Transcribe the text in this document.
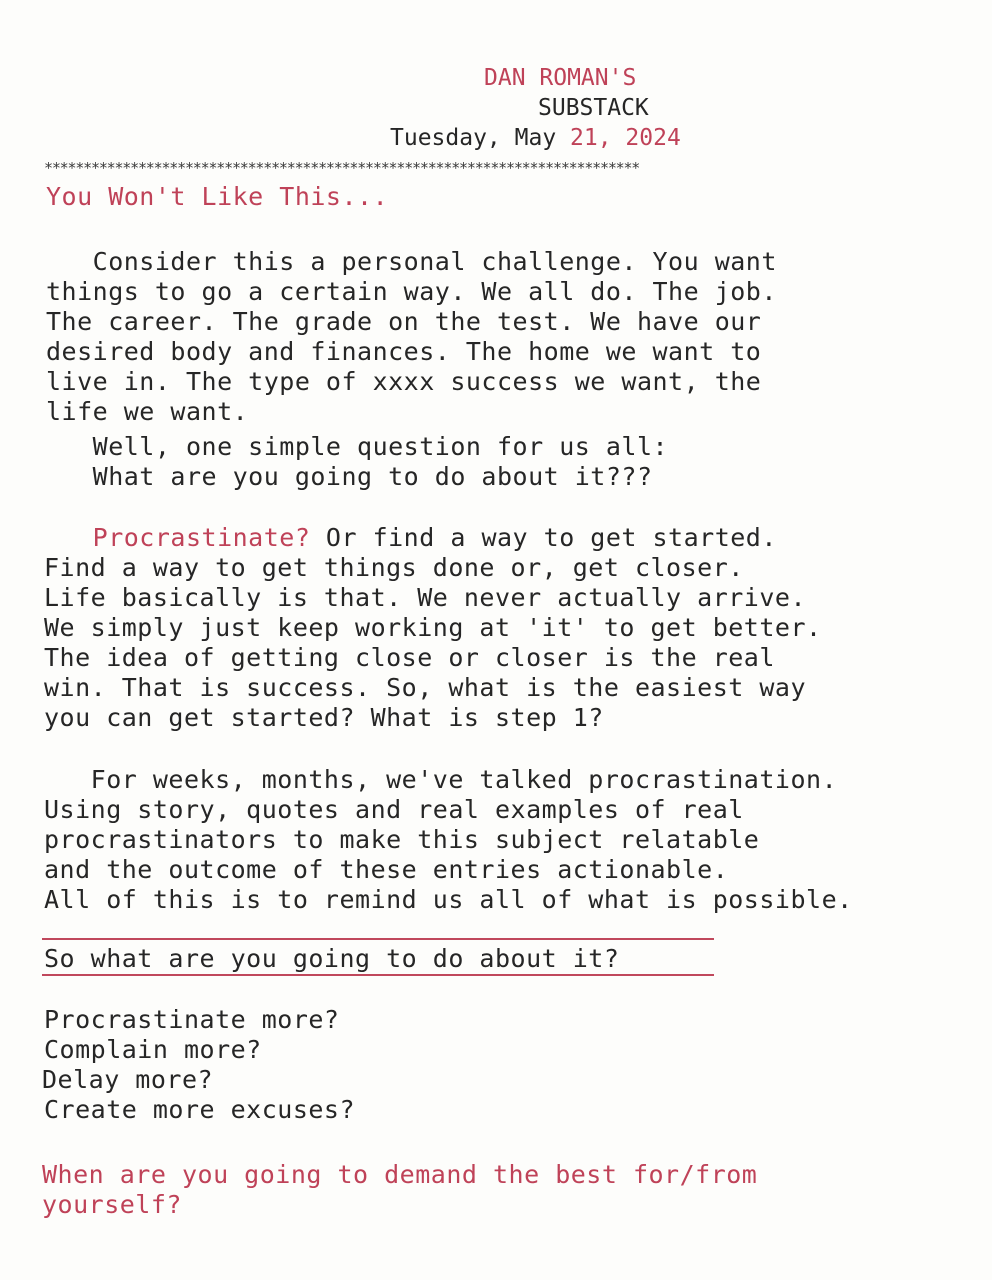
DAN ROMAN'S
SUBSTACK
Tuesday, May 21, 2024
****************************************************************************
You Won't Like This...
Consider this a personal challenge. You want
things to go a certain way. We all do. The job.
The career. The grade on the test. We have our
desired body and finances. The home we want to
live in. The type of xxxx success we want, the
life we want.
Well, one simple question for us all:
What are you going to do about it???
Procrastinate? Or find a way to get started.
Find a way to get things done or, get closer.
Life basically is that. We never actually arrive.
We simply just keep working at 'it' to get better.
The idea of getting close or closer is the real
win. That is success. So, what is the easiest way
you can get started? What is step 1?
For weeks, months, we've talked procrastination.
Using story, quotes and real examples of real
procrastinators to make this subject relatable
and the outcome of these entries actionable.
All of this is to remind us all of what is possible.
So what are you going to do about it?
Procrastinate more?
Complain more?
Delay more?
Create more excuses?
When are you going to demand the best for/from
yourself?
